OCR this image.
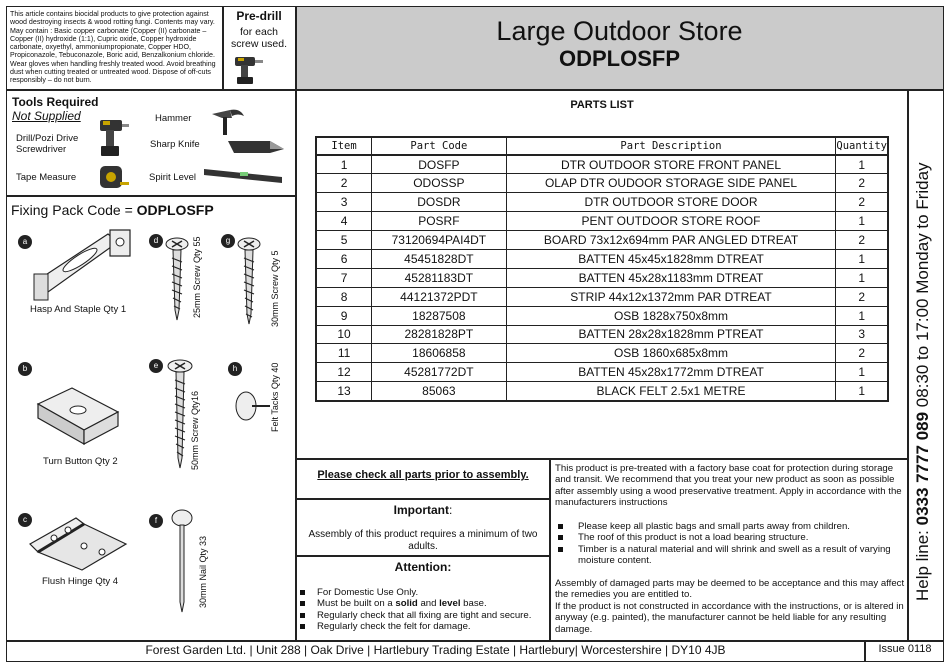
This article contains biocidal products to give protection against wood destroying insects & wood rotting fungi. Contents may vary. May contain : Basic copper carbonate (Copper (II) carbonate – Copper (II) hydroxide (1:1), Cupric oxide, Copper hydroxide carbonate, oxyethyl, ammoniumpropionate, Copper HDO, Propiconazole, Tebuconazole, Boric acid, Benzalkonium chloride. Wear gloves when handling freshly treated wood. Avoid breathing dust when cutting treated or untreated wood. Dispose of off-cuts responsibly – do not burn.
Pre-drill
for each screw used.	Large Outdoor Store
ODPLOSFP
Tools Required
Not Supplied
Drill/Pozi Drive Screwdriver
Hammer
Sharp Knife
Tape Measure	Spirit Level
Fixing Pack Code = ODPLOSFP
a
Hasp And Staple Qty 1
d	25mm Screw Qty 55	g
30mm Screw Qty 5
b
Turn Button Qty 2
e
50mm Screw Qty16
h	Felt Tacks Qty 40
c
Flush Hinge Qty 4
f
30mm Nail Qty 33
PARTS LIST
Item	Part Code	Part Description	Quantity
1	DOSFP	DTR OUTDOOR STORE FRONT PANEL	1
2	ODOSSP	OLAP DTR OUDOOR STORAGE SIDE PANEL	2
3	DOSDR	DTR OUTDOOR STORE DOOR	2
4	POSRF	PENT OUTDOOR STORE ROOF	1
5	73120694PAI4DT	BOARD 73x12x694mm PAR ANGLED DTREAT	2
6	45451828DT	BATTEN 45x45x1828mm DTREAT	1
7	45281183DT	BATTEN 45x28x1183mm DTREAT	1
8	44121372PDT	STRIP 44x12x1372mm PAR DTREAT	2
9	18287508	OSB 1828x750x8mm	1
10	28281828PT	BATTEN 28x28x1828mm PTREAT	3
11	18606858	OSB 1860x685x8mm	2
12	45281772DT	BATTEN 45x28x1772mm DTREAT	1
13	85063	BLACK FELT 2.5x1 METRE	1
Help line: 0333 7777 089 08:30 to 17:00 Monday to Friday
Please check all parts prior to assembly.
Important:
Assembly of this product requires a minimum of two adults.
Attention:
For Domestic Use Only.
Must be built on a solid and level base.
Regularly check that all fixing are tight and secure.
Regularly check the felt for damage.
This product is pre-treated with a factory base coat for protection during storage and transit. We recommend that you treat your new product as soon as possible after assembly using a wood preservative treatment. Apply in accordance with the manufacturers instructions
Please keep all plastic bags and small parts away from children.
The roof of this product is not a load bearing structure.
Timber is a natural material and will shrink and swell as a result of varying moisture content.
Assembly of damaged parts may be deemed to be acceptance and this may affect the remedies you are entitled to.
If the product is not constructed in accordance with the instructions, or is altered in anyway (e.g. painted), the manufacturer cannot be held liable for any resulting damage.
Forest Garden Ltd. | Unit 288 | Oak Drive | Hartlebury Trading Estate | Hartlebury| Worcestershire | DY10 4JB	Issue 0118
